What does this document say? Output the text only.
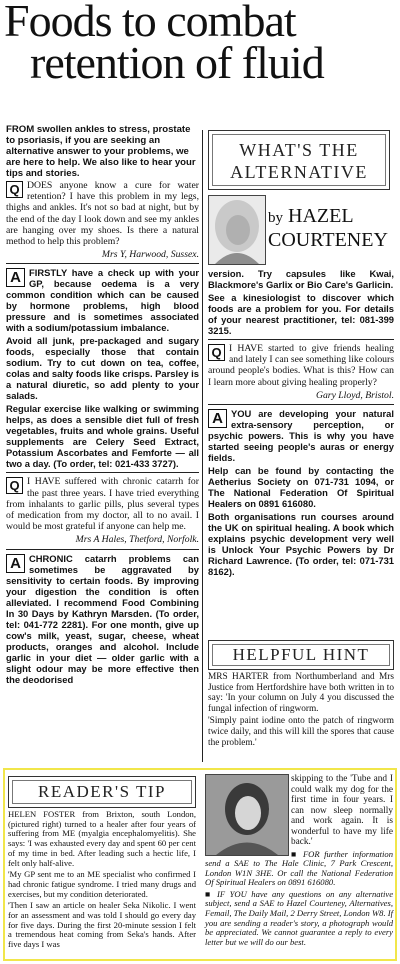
Foods to combat
retention of fluid
FROM swollen ankles to stress, prostate to psoriasis, if you are seeking an alternative answer to your problems, we are here to help. We also like to hear your tips and stories.
WHAT'S THE ALTERNATIVE
by HAZEL
COURTENEY

Q DOES anyone know a cure for water retention? I have this problem in my legs, thighs and ankles. It's not so bad at night, but by the end of the day I look down and see my ankles are hanging over my shoes. Is there a natural method to help this problem?

Mrs Y, Harwood, Sussex.

A FIRSTLY have a check up with your GP, because oedema is a very common condition which can be caused by hormone problems, high blood pressure and is sometimes associated with a sodium/potassium imbalance.

Avoid all junk, pre-packaged and sugary foods, especially those that contain sodium. Try to cut down on tea, coffee, colas and salty foods like crisps. Parsley is a natural diuretic, so add plenty to your salads.

Regular exercise like walking or swimming helps, as does a sensible diet full of fresh vegetables, fruits and whole grains. Useful supplements are Celery Seed Extract, Potassium Ascorbates and Femforte — all two a day. (To order, tel: 021-433 3727).

Q I HAVE suffered with chronic catarrh for the past three years. I have tried everything from inhalants to garlic pills, plus several types of medication from my doctor, all to no avail. I would be most grateful if anyone can help me.

Mrs A Hales, Thetford, Norfolk.

A CHRONIC catarrh problems can sometimes be aggravated by sensitivity to certain foods. By improving your digestion the condition is often alleviated. I recommend Food Combining In 30 Days by Kathryn Marsden. (To order, tel: 041-772 2281). For one month, give up cow's milk, yeast, sugar, cheese, wheat products, oranges and alcohol. Include garlic in your diet — older garlic with a slight odour may be more effective then the deodorised

version. Try capsules like Kwai, Blackmore's Garlix or Bio Care's Garlicin.

See a kinesiologist to discover which foods are a problem for you. For details of your nearest practitioner, tel: 081-399 3215.

Q I HAVE started to give friends healing and lately I can see something like colours around people's bodies. What is this? How can I learn more about giving healing properly?

Gary Lloyd, Bristol.

A YOU are developing your natural extra-sensory perception, or psychic powers. This is why you have started seeing people's auras or energy fields.

Help can be found by contacting the Aetherius Society on 071-731 1094, or The National Federation Of Spiritual Healers on 0891 616080.

Both organisations run courses around the UK on spiritual healing. A book which explains psychic development very well is Unlock Your Psychic Powers by Dr Richard Lawrence. (To order, tel: 071-731 8162).

HELPFUL HINT

MRS HARTER from Northumberland and Mrs Justice from Hertfordshire have both written in to say: 'In your column on July 4 you discussed the fungal infection of ringworm.

'Simply paint iodine onto the patch of ringworm twice daily, and this will kill the spores that cause the problem.'

READER'S TIP

HELEN FOSTER from Brixton, south London, (pictured right) turned to a healer after four years of suffering from ME (myalgia encephalomyelitis). She says: 'I was exhausted every day and spent 60 per cent of my time in bed. After leading such a hectic life, I felt only half-alive.

'My GP sent me to an ME specialist who confirmed I had chronic fatigue syndrome. I tried many drugs and exercises, but my condition deteriorated.

'Then I saw an article on healer Seka Nikolic. I went for an assessment and was told I should go every day for five days. During the first 20-minute session I felt a tremendous heat coming from Seka's hands. After five days I was

skipping to the 'Tube and I could walk my dog for the first time in four years. I can now sleep normally and work again. It is wonderful to have my life back.'

■ FOR further information send a SAE to The Hale Clinic, 7 Park Crescent, London W1N 3HE. Or call the National Federation Of Spiritual Healers on 0891 616080.

■ IF YOU have any questions on any alternative subject, send a SAE to Hazel Courteney, Alternatives, Femail, The Daily Mail, 2 Derry Street, London W8. If you are sending a reader's story, a photograph would be appreciated. We cannot guarantee a reply to every letter but we will do our best.
